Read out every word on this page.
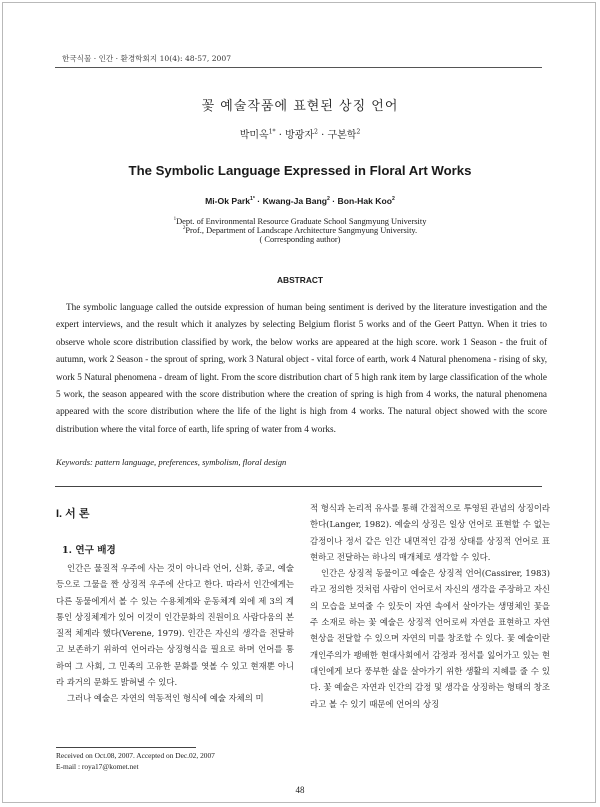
한국식물 · 인간 · 환경학회지 10(4): 48-57, 2007
꽃 예술작품에 표현된 상징 언어
박미옥$^{1*}$ · 방광자$^2$ · 구본학$^2$
The Symbolic Language Expressed in Floral Art Works
Mi-Ok Park$^{1*}$ · Kwang-Ja Bang$^2$ · Bon-Hak Koo$^2$
$^1$Dept. of Environmental Resource Graduate School Sangmyung University
$^2$Prof., Department of Landscape Architecture Sangmyung University.
( Corresponding author)
ABSTRACT

The symbolic language called the outside expression of human being sentiment is derived by the literature investigation and the expert interviews, and the result which it analyzes by selecting Belgium florist 5 works and of the Geert Pattyn. When it tries to observe whole score distribution classified by work, the below works are appeared at the high score. work 1 Season - the fruit of autumn, work 2 Season - the sprout of spring, work 3 Natural object - vital force of earth, work 4 Natural phenomena - rising of sky, work 5 Natural phenomena - dream of light. From the score distribution chart of 5 high rank item by large classification of the whole 5 work, the season appeared with the score distribution where the creation of spring is high from 4 works, the natural phenomena appeared with the score distribution where the life of the light is high from 4 works. The natural object showed with the score distribution where the vital force of earth, life spring of water from 4 works.

Keywords: pattern language, preferences, symbolism, floral design
I. 서 론
1. 연구 배경

인간은 물질적 우주에 사는 것이 아니라 언어, 신화, 종교, 예술 등으로 그물을 짠 상징적 우주에 산다고 한다. 따라서 인간에게는 다른 동물에게서 볼 수 있는 수용체계와 운동체계 외에 제 3의 계통인 상징체계가 있어 이것이 인간문화의 진원이요 사람다움의 본질적 체계라 했다(Verene, 1979). 인간은 자신의 생각을 전달하고 보존하기 위하여 언어라는 상징형식을 필요로 하며 언어를 통하여 그 사회, 그 민족의 고유한 문화를 엿볼 수 있고 현재뿐 아니라 과거의 문화도 밝혀낼 수 있다.

그러나 예술은 자연의 역동적인 형식에 예술 자체의 미

적 형식과 논리적 유사를 통해 간접적으로 투영된 관념의 상징이라 한다(Langer, 1982). 예술의 상징은 일상 언어로 표현할 수 없는 감정이나 정서 같은 인간 내면적인 감정 상태를 상징적 언어로 표현하고 전달하는 하나의 매개체로 생각할 수 있다.

인간은 상징적 동물이고 예술은 상징적 언어(Cassirer, 1983)라고 정의한 것처럼 사람이 언어로서 자신의 생각을 주장하고 자신의 모습을 보여줄 수 있듯이 자연 속에서 살아가는 생명체인 꽃을 주 소재로 하는 꽃 예술은 상징적 언어로써 자연을 표현하고 자연현상을 전달할 수 있으며 자연의 미를 창조할 수 있다. 꽃 예술이란 개인주의가 팽배한 현대사회에서 감정과 정서를 잃어가고 있는 현대인에게 보다 풍부한 삶을 살아가기 위한 생활의 지혜를 줄 수 있다. 꽃 예술은 자연과 인간의 감정 및 생각을 상징하는 형태의 창조라고 볼 수 있기 때문에 언어의 상징

Received on Oct.08, 2007. Accepted on Dec.02, 2007
E-mail : roya17@komet.net
48
